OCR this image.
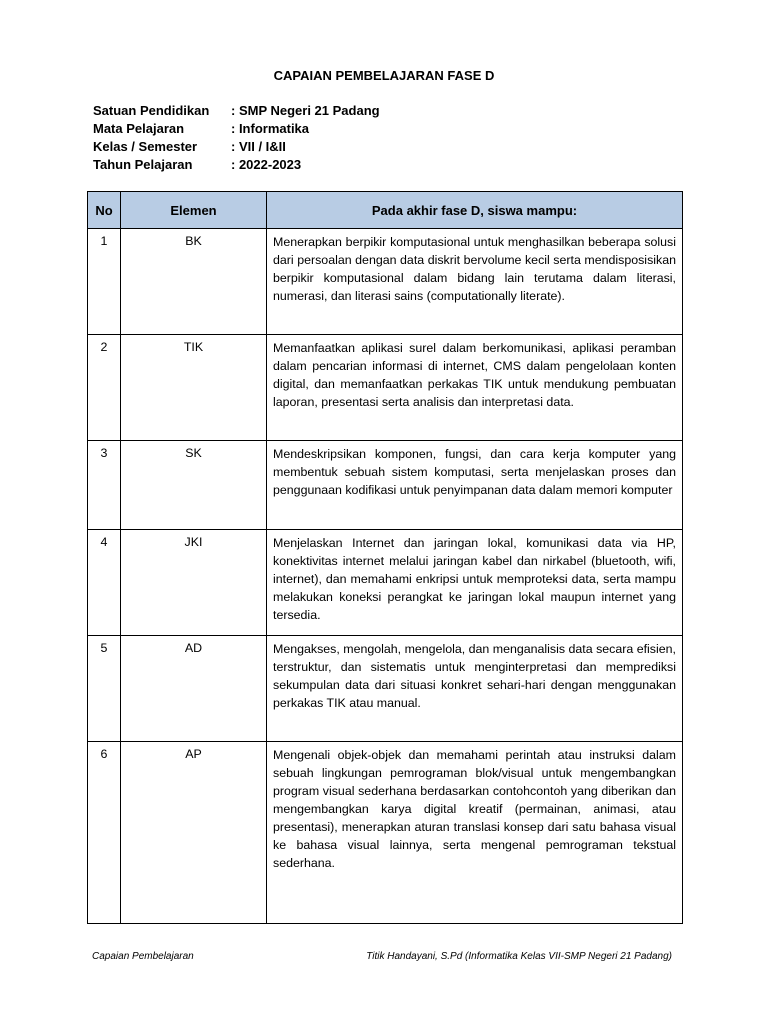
CAPAIAN PEMBELAJARAN FASE D
Satuan Pendidikan	: SMP Negeri 21 Padang
Mata Pelajaran	: Informatika
Kelas / Semester	: VII / I&II
Tahun Pelajaran	: 2022-2023
No	Elemen	Pada akhir fase D, siswa mampu:
1	BK	Menerapkan berpikir komputasional untuk menghasilkan beberapa solusi dari persoalan dengan data diskrit bervolume kecil serta mendisposisikan berpikir komputasional dalam bidang lain terutama dalam literasi, numerasi, dan literasi sains (computationally literate).
2	TIK	Memanfaatkan aplikasi surel dalam berkomunikasi, aplikasi peramban dalam pencarian informasi di internet, CMS dalam pengelolaan konten digital, dan memanfaatkan perkakas TIK untuk mendukung pembuatan laporan, presentasi serta analisis dan interpretasi data.
3	SK	Mendeskripsikan komponen, fungsi, dan cara kerja komputer yang membentuk sebuah sistem komputasi, serta menjelaskan proses dan penggunaan kodifikasi untuk penyimpanan data dalam memori komputer
4	JKI	Menjelaskan Internet dan jaringan lokal, komunikasi data via HP, konektivitas internet melalui jaringan kabel dan nirkabel (bluetooth, wifi, internet), dan memahami enkripsi untuk memproteksi data, serta mampu melakukan koneksi perangkat ke jaringan lokal maupun internet yang tersedia.
5	AD	Mengakses, mengolah, mengelola, dan menganalisis data secara efisien, terstruktur, dan sistematis untuk menginterpretasi dan memprediksi sekumpulan data dari situasi konkret sehari-hari dengan menggunakan perkakas TIK atau manual.
6	AP	Mengenali objek-objek dan memahami perintah atau instruksi dalam sebuah lingkungan pemrograman blok/visual untuk mengembangkan program visual sederhana berdasarkan contohcontoh yang diberikan dan mengembangkan karya digital kreatif (permainan, animasi, atau presentasi), menerapkan aturan translasi konsep dari satu bahasa visual ke bahasa visual lainnya, serta mengenal pemrograman tekstual sederhana.
Capaian Pembelajaran	Titik Handayani, S.Pd (Informatika Kelas VII-SMP Negeri 21 Padang)
